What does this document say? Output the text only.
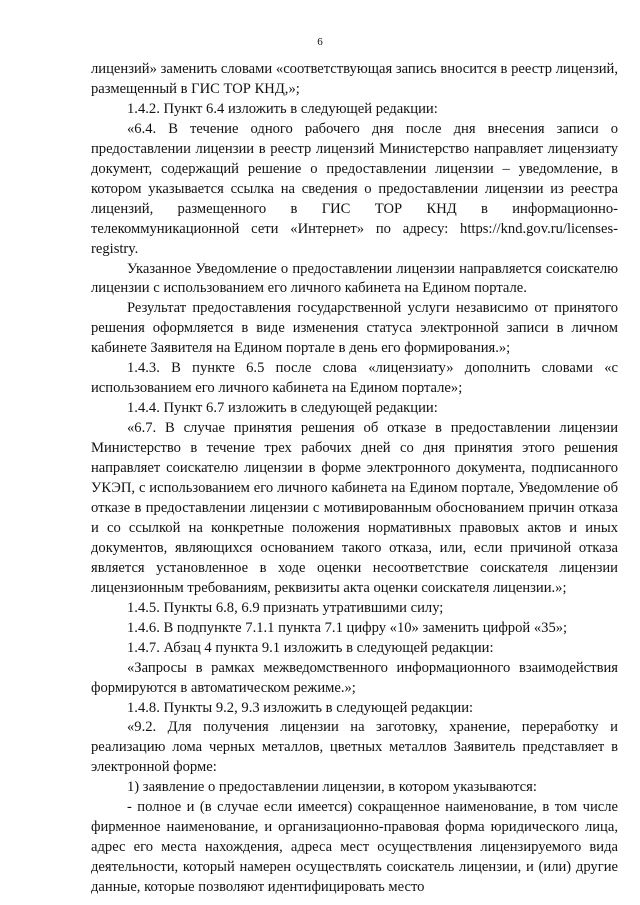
6

лицензий» заменить словами «соответствующая запись вносится в реестр лицензий, размещенный в ГИС ТОР КНД,»;

1.4.2. Пункт 6.4 изложить в следующей редакции:

«6.4. В течение одного рабочего дня после дня внесения записи о предоставлении лицензии в реестр лицензий Министерство направляет лицензиату документ, содержащий решение о предоставлении лицензии – уведомление, в котором указывается ссылка на сведения о предоставлении лицензии из реестра лицензий, размещенного в ГИС ТОР КНД в информационно-телекоммуникационной сети «Интернет» по адресу: https://knd.gov.ru/licenses-registry.

Указанное Уведомление о предоставлении лицензии направляется соискателю лицензии с использованием его личного кабинета на Едином портале.

Результат предоставления государственной услуги независимо от принятого решения оформляется в виде изменения статуса электронной записи в личном кабинете Заявителя на Едином портале в день его формирования.»;

1.4.3. В пункте 6.5 после слова «лицензиату» дополнить словами «с использованием его личного кабинета на Едином портале»;

1.4.4. Пункт 6.7 изложить в следующей редакции:

«6.7. В случае принятия решения об отказе в предоставлении лицензии Министерство в течение трех рабочих дней со дня принятия этого решения направляет соискателю лицензии в форме электронного документа, подписанного УКЭП, с использованием его личного кабинета на Едином портале, Уведомление об отказе в предоставлении лицензии с мотивированным обоснованием причин отказа и со ссылкой на конкретные положения нормативных правовых актов и иных документов, являющихся основанием такого отказа, или, если причиной отказа является установленное в ходе оценки несоответствие соискателя лицензии лицензионным требованиям, реквизиты акта оценки соискателя лицензии.»;

1.4.5. Пункты 6.8, 6.9 признать утратившими силу;

1.4.6. В подпункте 7.1.1 пункта 7.1 цифру «10» заменить цифрой «35»;

1.4.7. Абзац 4 пункта 9.1 изложить в следующей редакции:

«Запросы в рамках межведомственного информационного взаимодействия формируются в автоматическом режиме.»;

1.4.8. Пункты 9.2, 9.3 изложить в следующей редакции:

«9.2. Для получения лицензии на заготовку, хранение, переработку и реализацию лома черных металлов, цветных металлов Заявитель представляет в электронной форме:

1) заявление о предоставлении лицензии, в котором указываются:

- полное и (в случае если имеется) сокращенное наименование, в том числе фирменное наименование, и организационно-правовая форма юридического лица, адрес его места нахождения, адреса мест осуществления лицензируемого вида деятельности, который намерен осуществлять соискатель лицензии, и (или) другие данные, которые позволяют идентифицировать место
